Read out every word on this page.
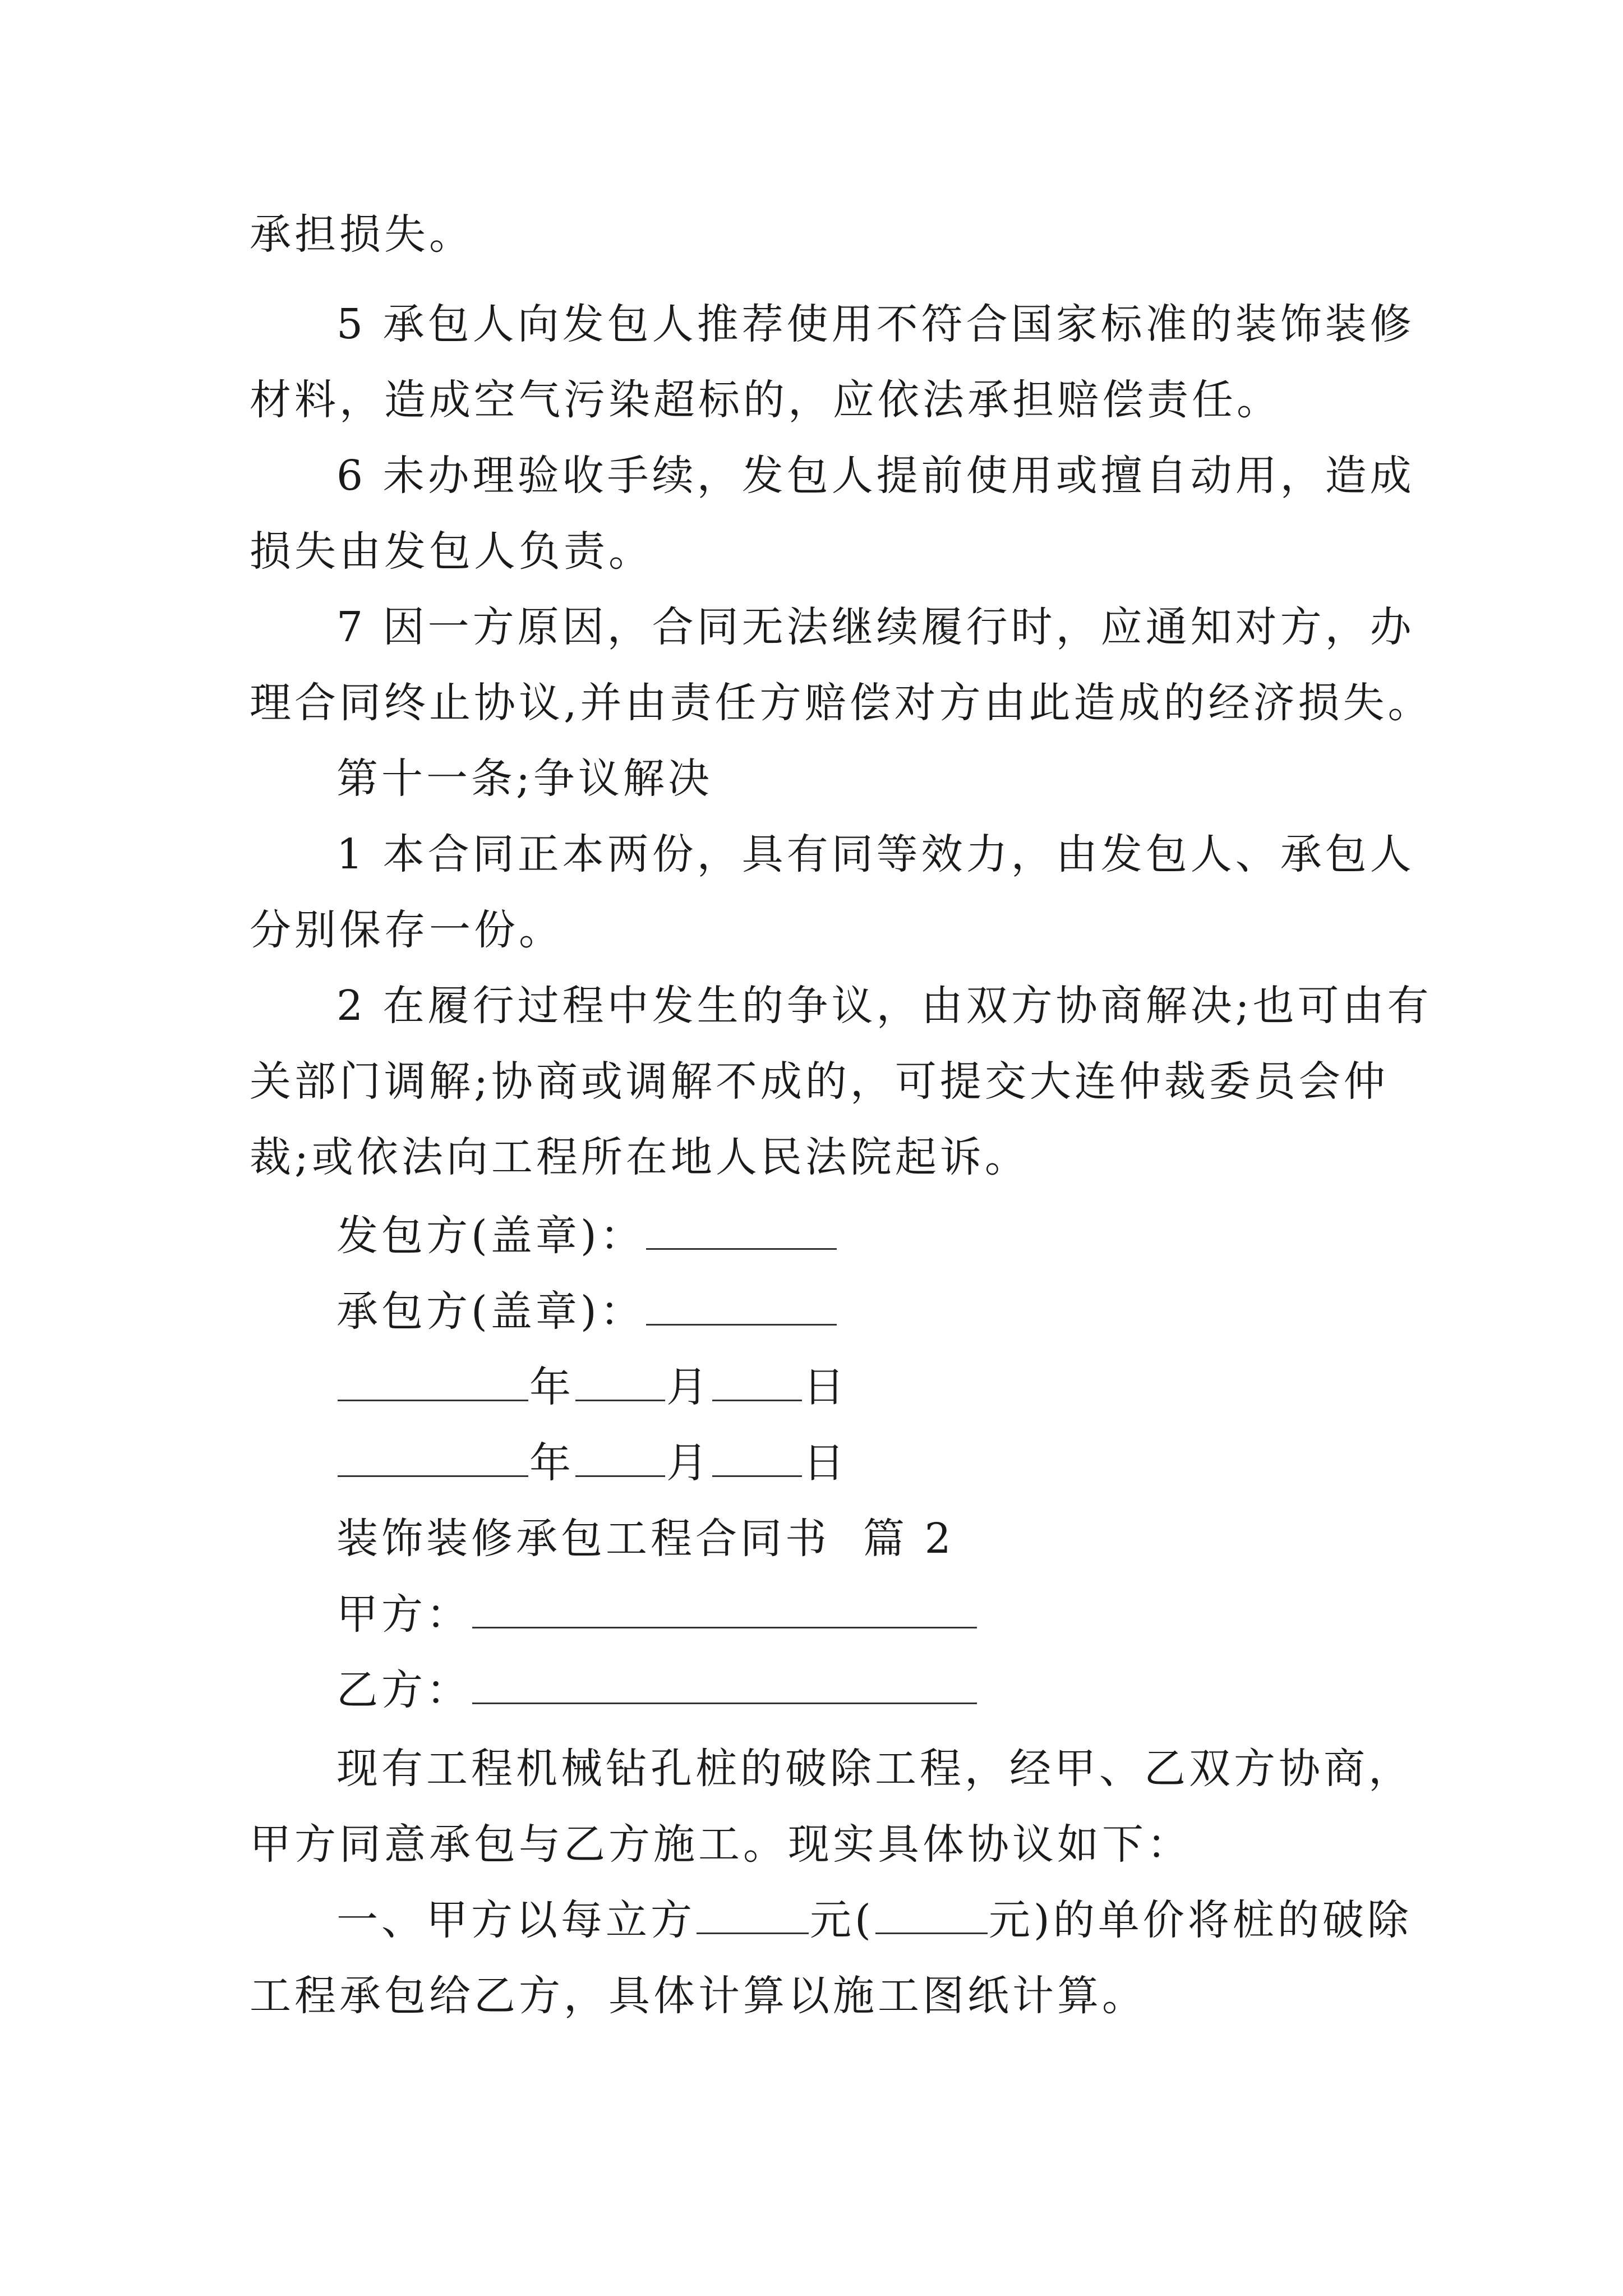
承担损失。
5 承包人向发包人推荐使用不符合国家标准的装饰装修
材料，造成空气污染超标的，应依法承担赔偿责任。
6 未办理验收手续，发包人提前使用或擅自动用，造成
损失由发包人负责。
7 因一方原因，合同无法继续履行时，应通知对方，办
理合同终止协议,并由责任方赔偿对方由此造成的经济损失。
第十一条;争议解决
1 本合同正本两份，具有同等效力，由发包人、承包人
分别保存一份。
2 在履行过程中发生的争议，由双方协商解决;也可由有
关部门调解;协商或调解不成的，可提交大连仲裁委员会仲
裁;或依法向工程所在地人民法院起诉。
发包方(盖章)：
承包方(盖章)：
年 月 日
年 月 日
装饰装修承包工程合同书  篇 2
甲方：
乙方：
现有工程机械钻孔桩的破除工程，经甲、乙双方协商，
甲方同意承包与乙方施工。现实具体协议如下：
一、甲方以每立方	元(	元)的单价将桩的破除
工程承包给乙方，具体计算以施工图纸计算。
